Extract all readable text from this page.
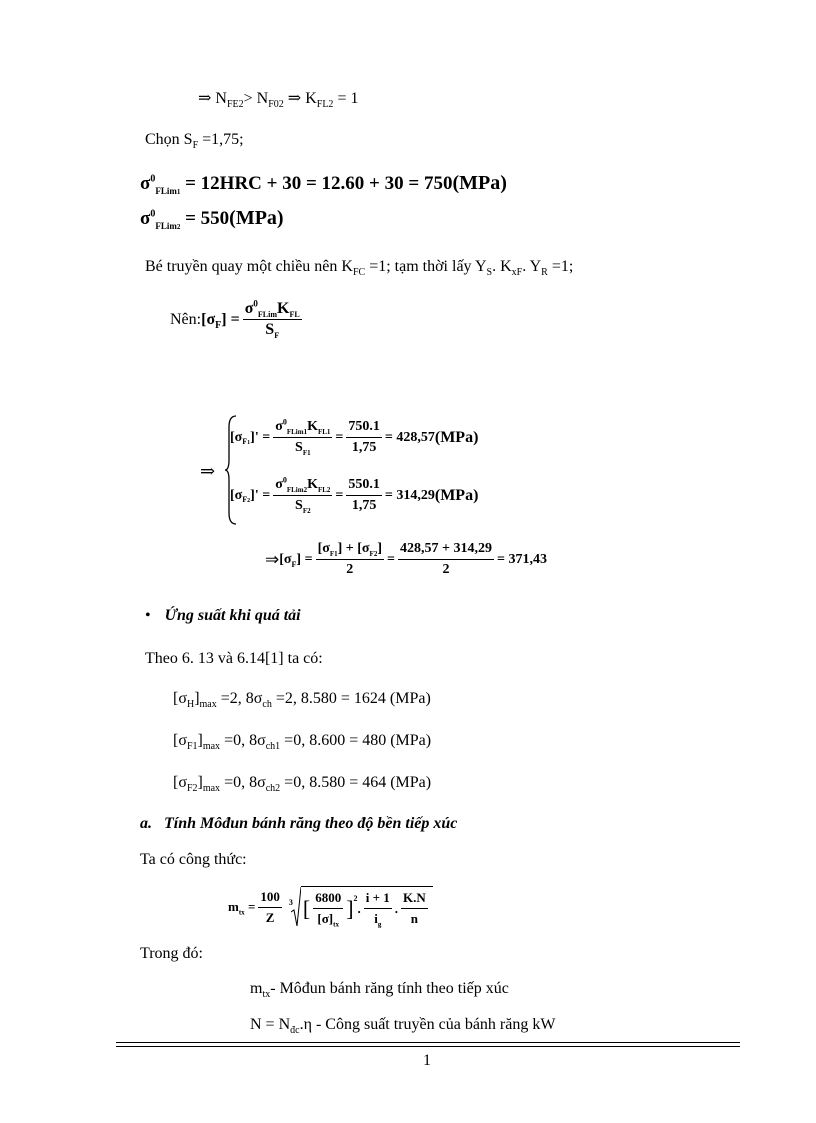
⇒ $N_{FE2}> N_{F02}$ ⇒ $K_{FL2} = 1$
Chọn $S_F =1,75$;
$\sigma^0_{FLim1} = 12HRC + 30 = 12.60 + 30 = 750(MPa)$
$\sigma^0_{FLim2} = 550(MPa)$
Bé truyền quay một chiều nên $K_{FC} =1$; tạm thời lấy $Y_S$. $K_{xF}$. $Y_R =1$;
Nên: $[\sigma_F] = \frac{\sigma^0_{FLim}K_{FL}}{S_F}$
⇒
$[\sigma_{F1}]' = \frac{\sigma^0_{FLim1}K_{FL1}}{S_{F1}} = \frac{750.1}{1,75} = 428,57$ (MPa)
$[\sigma_{F2}]' = \frac{\sigma^0_{FLim2}K_{FL2}}{S_{F2}} = \frac{550.1}{1,75} = 314,29$ (MPa)
⇒ $[\sigma_F] = \frac{[\sigma_{F1}] + [\sigma_{F2}]}{2} = \frac{428,57 + 314,29}{2} = 371,43$
• Ứng suất khi quá tải
Theo 6. 13 và 6.14[1] ta có:
$[\sigma_H]_{max} =2$, $8\sigma_{ch} =2$, 8.580 = 1624 (MPa)
$[\sigma_{F1}]_{max} =0$, $8\sigma_{ch1} =0$, 8.600 = 480 (MPa)
$[\sigma_{F2}]_{max} =0$, $8\sigma_{ch2} =0$, 8.580 = 464 (MPa)
a. Tính Môđun bánh răng theo độ bền tiếp xúc
Ta có công thức:
$m_{tx} = \frac{100}{Z} ^3$ [ $\frac{6800}{[\sigma]_{tx}} ]^2$
. $\frac{i + 1}{i_g}$ . $\frac{K.N}{n}$
Trong đó:
$m_{tx}-$ Môđun bánh răng tính theo tiếp xúc
$N = N_{đc}.\eta$ - Công suất truyền của bánh răng kW
1
